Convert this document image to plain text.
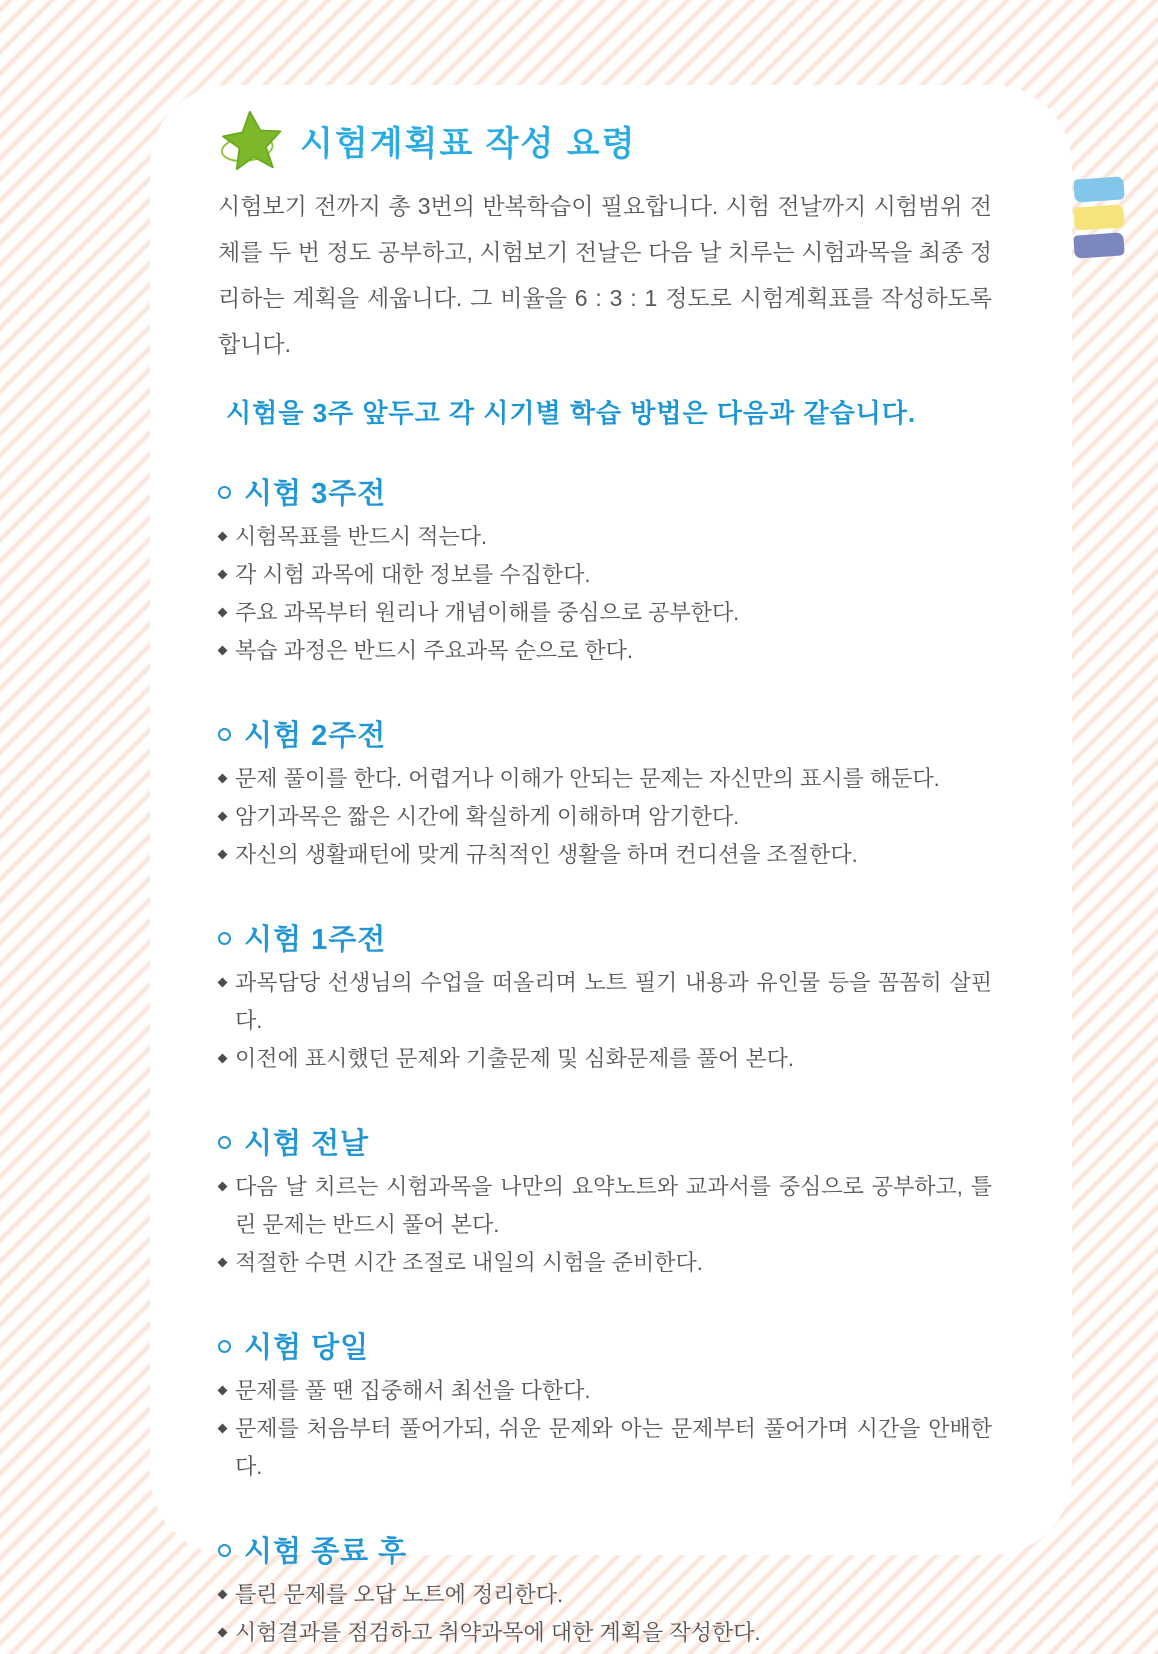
시험계획표 작성 요령

시험보기 전까지 총 3번의 반복학습이 필요합니다. 시험 전날까지 시험범위 전체를 두 번 정도 공부하고, 시험보기 전날은 다음 날 치루는 시험과목을 최종 정리하는 계획을 세웁니다. 그 비율을 6 : 3 : 1 정도로 시험계획표를 작성하도록 합니다.

시험을 3주 앞두고 각 시기별 학습 방법은 다음과 같습니다.

시험 3주전
시험목표를 반드시 적는다.
각 시험 과목에 대한 정보를 수집한다.
주요 과목부터 원리나 개념이해를 중심으로 공부한다.
복습 과정은 반드시 주요과목 순으로 한다.
시험 2주전
문제 풀이를 한다. 어렵거나 이해가 안되는 문제는 자신만의 표시를 해둔다.
암기과목은 짧은 시간에 확실하게 이해하며 암기한다.
자신의 생활패턴에 맞게 규칙적인 생활을 하며 컨디션을 조절한다.
시험 1주전
과목담당 선생님의 수업을 떠올리며 노트 필기 내용과 유인물 등을 꼼꼼히 살핀다.
이전에 표시했던 문제와 기출문제 및 심화문제를 풀어 본다.
시험 전날
다음 날 치르는 시험과목을 나만의 요약노트와 교과서를 중심으로 공부하고, 틀린 문제는 반드시 풀어 본다.
적절한 수면 시간 조절로 내일의 시험을 준비한다.
시험 당일
문제를 풀 땐 집중해서 최선을 다한다.
문제를 처음부터 풀어가되, 쉬운 문제와 아는 문제부터 풀어가며 시간을 안배한다.
시험 종료 후
틀린 문제를 오답 노트에 정리한다.
시험결과를 점검하고 취약과목에 대한 계획을 작성한다.
